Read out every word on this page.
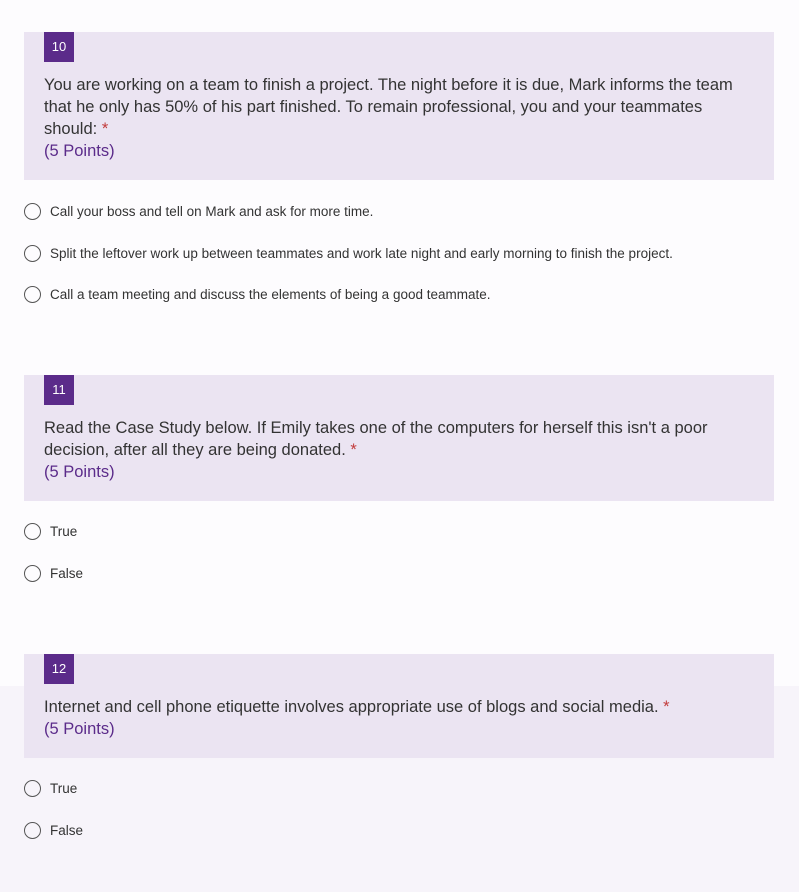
10
You are working on a team to finish a project. The night before it is due, Mark informs the team that he only has 50% of his part finished. To remain professional, you and your teammates should: *
(5 Points)
Call your boss and tell on Mark and ask for more time.
Split the leftover work up between teammates and work late night and early morning to finish the project.
Call a team meeting and discuss the elements of being a good teammate.
11
Read the Case Study below. If Emily takes one of the computers for herself this isn't a poor decision, after all they are being donated. *
(5 Points)
True
False
12
Internet and cell phone etiquette involves appropriate use of blogs and social media. *
(5 Points)
True
False
